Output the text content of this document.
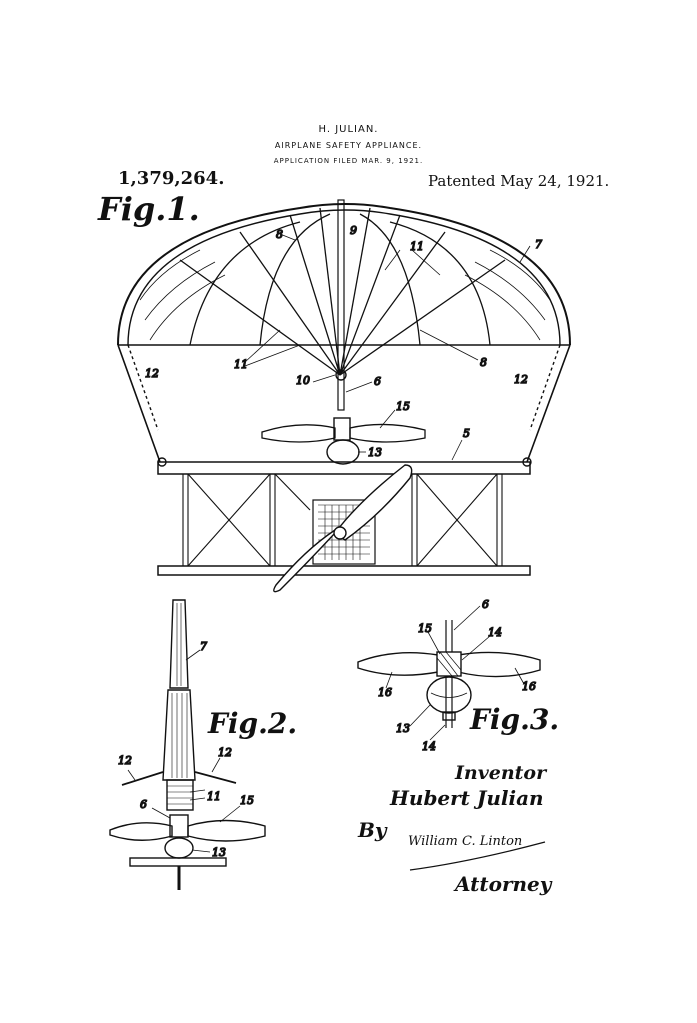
H. JULIAN.
AIRPLANE SAFETY APPLIANCE.
APPLICATION FILED MAR. 9, 1921.
1,379,264.	Patented May 24, 1921.
Fig.1.
Fig.2.	Fig.3.
8	9
7
11
11	8
10	6
12	12
15
5
13
7
12
12
11
6	15
13
6
15	14
16	16
13
14
Inventor
Hubert Julian
By William C. Linton
Attorney
